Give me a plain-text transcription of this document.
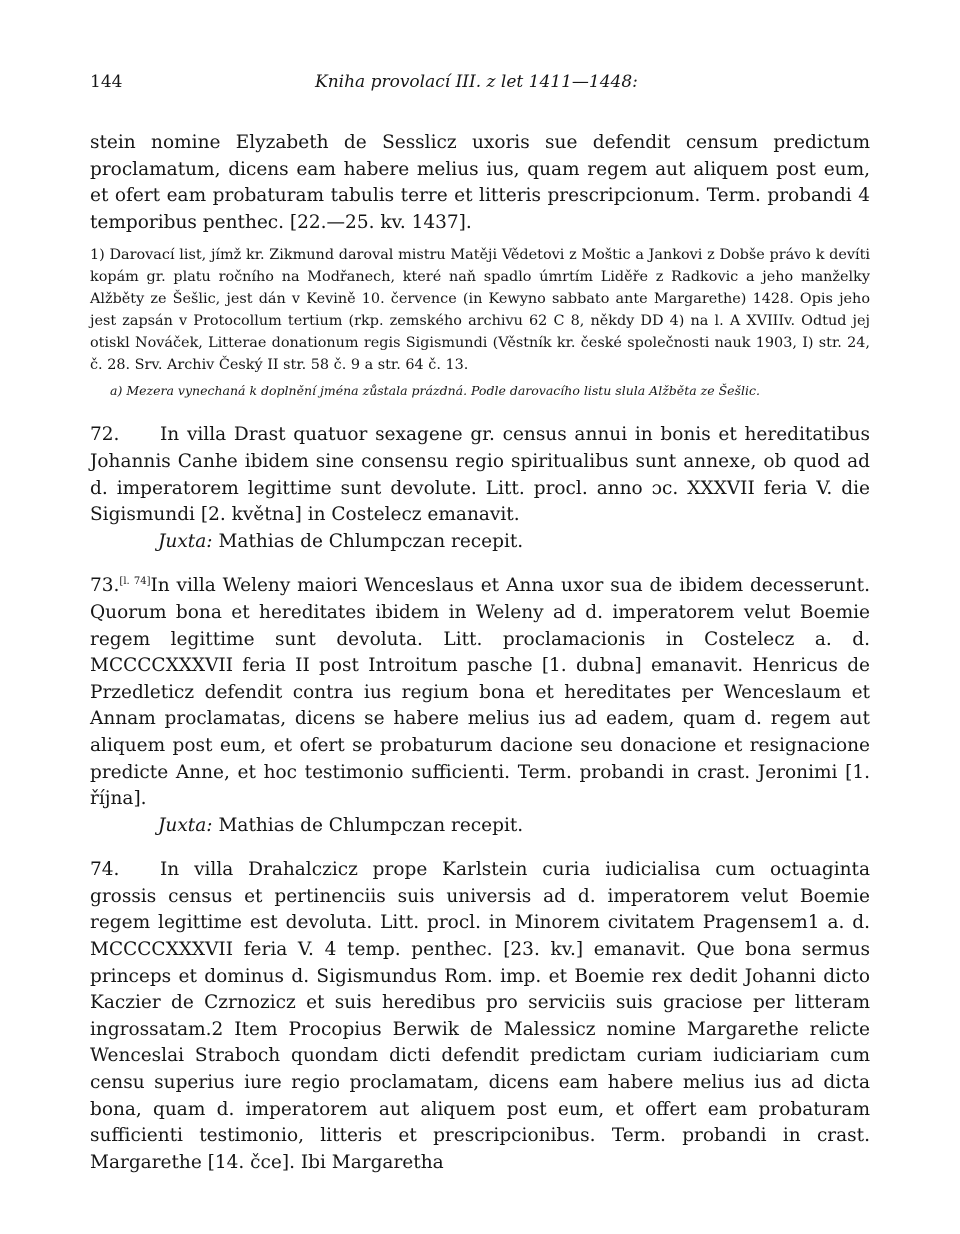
144	Kniha provolací III. z let 1411—1448:

stein nomine Elyzabeth de Sesslicz uxoris sue defendit censum predictum proclamatum, dicens eam habere melius ius, quam regem aut aliquem post eum, et ofert eam probaturam tabulis terre et litteris prescripcionum. Term. probandi 4 temporibus penthec. [22.—25. kv. 1437].

1) Darovací list, jímž kr. Zikmund daroval mistru Matěji Vědetovi z Moštic a Jankovi z Dobše právo k devíti kopám gr. platu ročního na Modřanech, které naň spadlo úmrtím Liděře z Radkovic a jeho manželky Alžběty ze Šešlic, jest dán v Kevině 10. července (in Kewyno sabbato ante Margarethe) 1428. Opis jeho jest zapsán v Protocollum tertium (rkp. zemského archivu 62 C 8, někdy DD 4) na l. A XVIIIv. Odtud jej otiskl Nováček, Litterae donationum regis Sigismundi (Věstník kr. české společnosti nauk 1903, I) str. 24, č. 28. Srv. Archiv Český II str. 58 č. 9 a str. 64 č. 13.

a) Mezera vynechaná k doplnění jména zůstala prázdná. Podle darovacího listu slula Alžběta ze Šešlic.

72. In villa Drast quatuor sexagene gr. census annui in bonis et hereditatibus Johannis Canhe ibidem sine consensu regio spiritualibus sunt annexe, ob quod ad d. imperatorem legittime sunt devolute. Litt. procl. anno ɔc. XXXVII feria V. die Sigismundi [2. května] in Costelecz emanavit.

Juxta: Mathias de Chlumpczan recepit.

73.[l. 74]In villa Weleny maiori Wenceslaus et Anna uxor sua de ibidem decesserunt. Quorum bona et hereditates ibidem in Weleny ad d. imperatorem velut Boemie regem legittime sunt devoluta. Litt. proclamacionis in Costelecz a. d. MCCCCXXXVII feria II post Introitum pasche [1. dubna] emanavit. Henricus de Przedleticz defendit contra ius regium bona et hereditates per Wenceslaum et Annam proclamatas, dicens se habere melius ius ad eadem, quam d. regem aut aliquem post eum, et ofert se probaturum dacione seu donacione et resignacione predicte Anne, et hoc testimonio sufficienti. Term. probandi in crast. Jeronimi [1. října].

Juxta: Mathias de Chlumpczan recepit.

74. In villa Drahalczicz prope Karlstein curia iudicialisa cum octuaginta grossis census et pertinenciis suis universis ad d. imperatorem velut Boemie regem legittime est devoluta. Litt. procl. in Minorem civitatem Pragensem1 a. d. MCCCCXXXVII feria V. 4 temp. penthec. [23. kv.] emanavit. Que bona sermus princeps et dominus d. Sigismundus Rom. imp. et Boemie rex dedit Johanni dicto Kaczier de Czrnozicz et suis heredibus pro serviciis suis graciose per litteram ingrossatam.2 Item Procopius Berwik de Malessicz nomine Margarethe relicte Wenceslai Straboch quondam dicti defendit predictam curiam iudiciariam cum censu superius iure regio proclamatam, dicens eam habere melius ius ad dicta bona, quam d. imperatorem aut aliquem post eum, et offert eam probaturam sufficienti testimonio, litteris et prescripcionibus. Term. probandi in crast. Margarethe [14. čce]. Ibi Margaretha
